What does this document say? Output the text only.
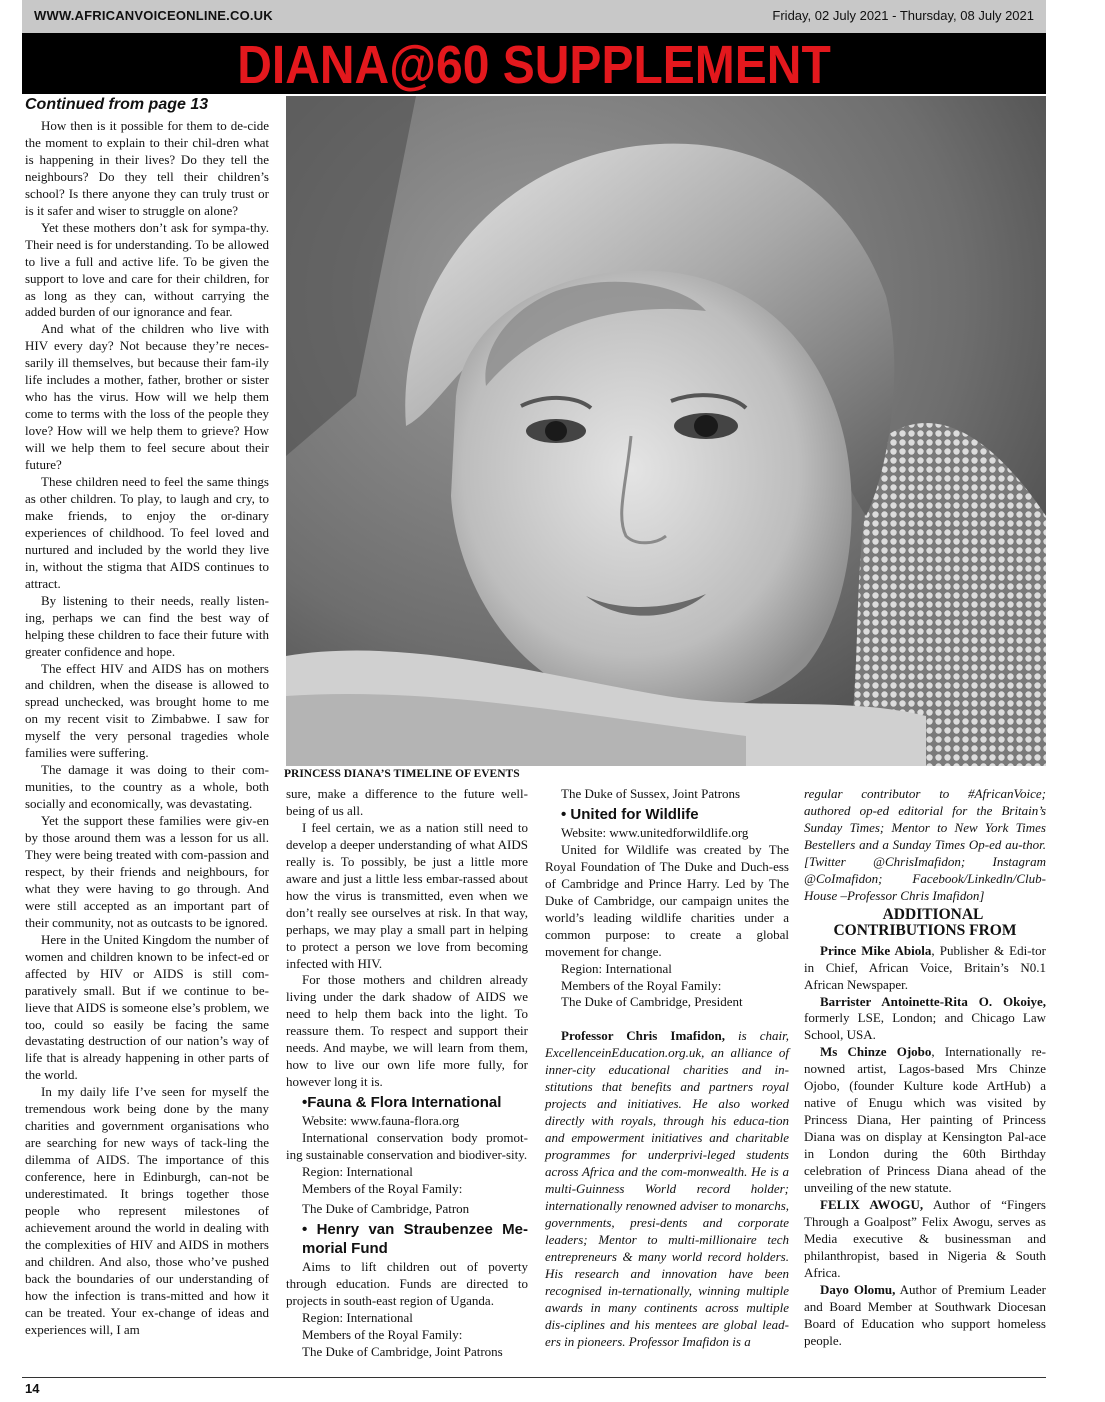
WWW.AFRICANVOICEONLINE.CO.UK	Friday, 02 July 2021 - Thursday, 08 July 2021
DIANA@60 SUPPLEMENT
Continued from page 13

How then is it possible for them to de-cide the moment to explain to their chil-dren what is happening in their lives? Do they tell the neighbours? Do they tell their children’s school? Is there anyone they can truly trust or is it safer and wiser to struggle on alone?

Yet these mothers don’t ask for sympa-thy. Their need is for understanding. To be allowed to live a full and active life. To be given the support to love and care for their children, for as long as they can, without carrying the added burden of our ignorance and fear.

And what of the children who live with HIV every day? Not because they’re neces-sarily ill themselves, but because their fam-ily life includes a mother, father, brother or sister who has the virus. How will we help them come to terms with the loss of the people they love? How will we help them to grieve? How will we help them to feel secure about their future?

These children need to feel the same things as other children. To play, to laugh and cry, to make friends, to enjoy the or-dinary experiences of childhood. To feel loved and nurtured and included by the world they live in, without the stigma that AIDS continues to attract.

By listening to their needs, really listen-ing, perhaps we can find the best way of helping these children to face their future with greater confidence and hope.

The effect HIV and AIDS has on mothers and children, when the disease is allowed to spread unchecked, was brought home to me on my recent visit to Zimbabwe. I saw for myself the very personal tragedies whole families were suffering.

The damage it was doing to their com-munities, to the country as a whole, both socially and economically, was devastating.

Yet the support these families were giv-en by those around them was a lesson for us all. They were being treated with com-passion and respect, by their friends and neighbours, for what they were having to go through. And were still accepted as an important part of their community, not as outcasts to be ignored.

Here in the United Kingdom the number of women and children known to be infect-ed or affected by HIV or AIDS is still com-paratively small. But if we continue to be-lieve that AIDS is someone else’s problem, we too, could so easily be facing the same devastating destruction of our nation’s way of life that is already happening in other parts of the world.

In my daily life I’ve seen for myself the tremendous work being done by the many charities and government organisations who are searching for new ways of tack-ling the dilemma of AIDS. The importance of this conference, here in Edinburgh, can-not be underestimated. It brings together those people who represent milestones of achievement around the world in dealing with the complexities of HIV and AIDS in mothers and children. And also, those who’ve pushed back the boundaries of our understanding of how the infection is trans-mitted and how it can be treated. Your ex-change of ideas and experiences will, I am

PRINCESS DIANA’S TIMELINE OF EVENTS

sure, make a difference to the future well-being of us all.

I feel certain, we as a nation still need to develop a deeper understanding of what AIDS really is. To possibly, be just a little more aware and just a little less embar-rassed about how the virus is transmitted, even when we don’t really see ourselves at risk. In that way, perhaps, we may play a small part in helping to protect a person we love from becoming infected with HIV.

For those mothers and children already living under the dark shadow of AIDS we need to help them back into the light. To reassure them. To respect and support their needs. And maybe, we will learn from them, how to live our own life more fully, for however long it is.

•Fauna & Flora International

Website: www.fauna-flora.org

International conservation body promot-ing sustainable conservation and biodiver-sity.

Region: International

Members of the Royal Family:

The Duke of Cambridge, Patron

• Henry van Straubenzee Me-morial Fund

Aims to lift children out of poverty through education. Funds are directed to projects in south-east region of Uganda.

Region: International

Members of the Royal Family:

The Duke of Cambridge, Joint Patrons

The Duke of Sussex, Joint Patrons

• United for Wildlife

Website: www.unitedforwildlife.org

United for Wildlife was created by The Royal Foundation of The Duke and Duch-ess of Cambridge and Prince Harry. Led by The Duke of Cambridge, our campaign unites the world’s leading wildlife charities under a common purpose: to create a global movement for change.

Region: International

Members of the Royal Family:

The Duke of Cambridge, President

Professor Chris Imafidon, is chair, ExcellenceinEducation.org.uk, an alliance of inner-city educational charities and in-stitutions that benefits and partners royal projects and initiatives. He also worked directly with royals, through his educa-tion and empowerment initiatives and charitable programmes for underprivi-leged students across Africa and the com-monwealth. He is a multi-Guinness World record holder; internationally renowned adviser to monarchs, governments, presi-dents and corporate leaders; Mentor to multi-millionaire tech entrepreneurs & many world record holders. His research and innovation have been recognised in-ternationally, winning multiple awards in many continents across multiple dis-ciplines and his mentees are global lead-ers in pioneers. Professor Imafidon is a

regular contributor to #AfricanVoice; authored op-ed editorial for the Britain’s Sunday Times; Mentor to New York Times Bestellers and a Sunday Times Op-ed au-thor. [Twitter @ChrisImafidon; Instagram @CoImafidon; Facebook/Linkedln/Club-House –Professor Chris Imafidon]

ADDITIONAL CONTRIBUTIONS FROM

Prince Mike Abiola, Publisher & Edi-tor in Chief, African Voice, Britain’s N0.1 African Newspaper.

Barrister Antoinette-Rita O. Okoiye, formerly LSE, London; and Chicago Law School, USA.

Ms Chinze Ojobo, Internationally re-nowned artist, Lagos-based Mrs Chinze Ojobo, (founder Kulture kode ArtHub) a native of Enugu which was visited by Princess Diana, Her painting of Princess Diana was on display at Kensington Pal-ace in London during the 60th Birthday celebration of Princess Diana ahead of the unveiling of the new statute.

FELIX AWOGU, Author of “Fingers Through a Goalpost” Felix Awogu, serves as Media executive & businessman and philanthropist, based in Nigeria & South Africa.

Dayo Olomu, Author of Premium Leader and Board Member at Southwark Diocesan Board of Education who support homeless people.

14
